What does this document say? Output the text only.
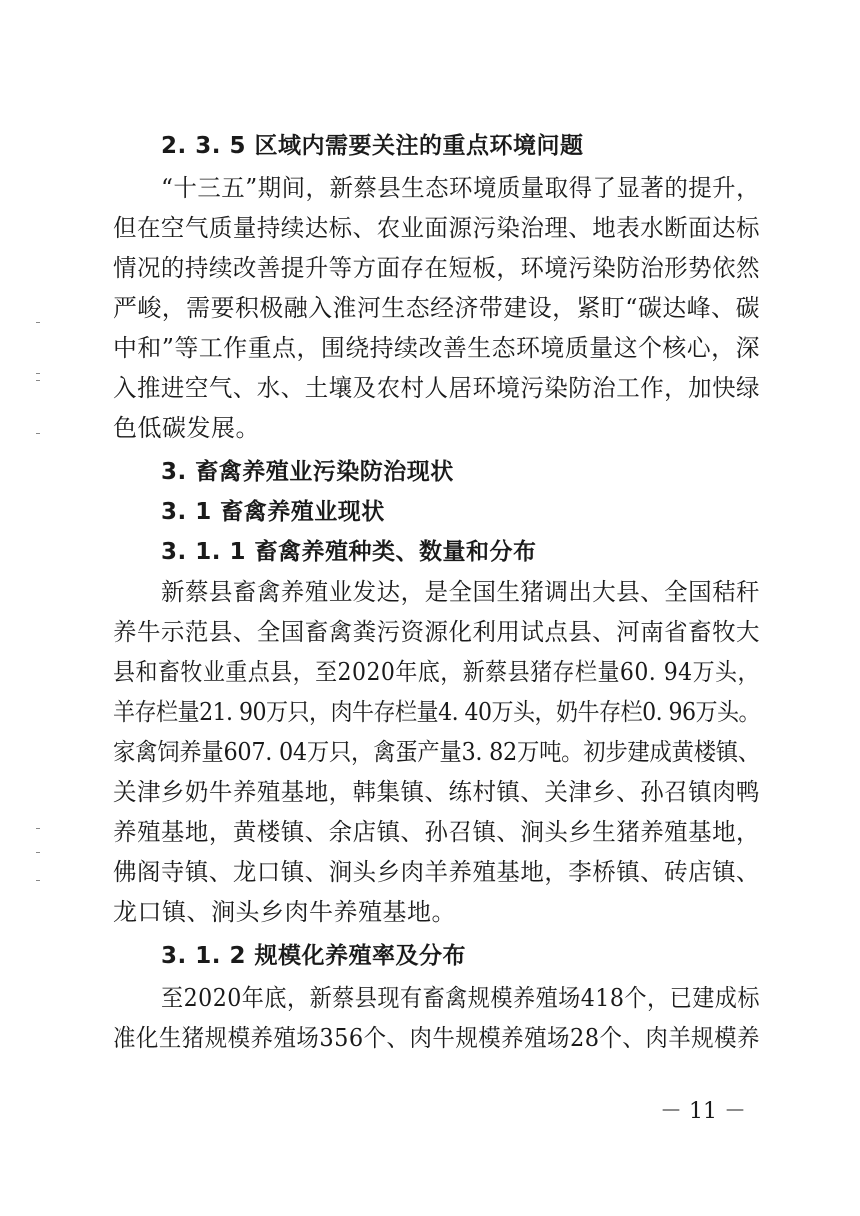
2. 3. 5 区域内需要关注的重点环境问题
“十三五”期间，新蔡县生态环境质量取得了显著的提升，
但在空气质量持续达标、农业面源污染治理、地表水断面达标
情况的持续改善提升等方面存在短板，环境污染防治形势依然
严峻，需要积极融入淮河生态经济带建设，紧盯“碳达峰、碳
中和”等工作重点，围绕持续改善生态环境质量这个核心，深
入推进空气、水、土壤及农村人居环境污染防治工作，加快绿
色低碳发展。
3. 畜禽养殖业污染防治现状
3. 1 畜禽养殖业现状
3. 1. 1 畜禽养殖种类、数量和分布
新蔡县畜禽养殖业发达，是全国生猪调出大县、全国秸秆
养牛示范县、全国畜禽粪污资源化利用试点县、河南省畜牧大
县和畜牧业重点县，至2020年底，新蔡县猪存栏量60. 94万头，
羊存栏量21. 90万只，肉牛存栏量4. 40万头，奶牛存栏0. 96万头。
家禽饲养量607. 04万只，禽蛋产量3. 82万吨。初步建成黄楼镇、
关津乡奶牛养殖基地，韩集镇、练村镇、关津乡、孙召镇肉鸭
养殖基地，黄楼镇、余店镇、孙召镇、涧头乡生猪养殖基地，
佛阁寺镇、龙口镇、涧头乡肉羊养殖基地，李桥镇、砖店镇、
龙口镇、涧头乡肉牛养殖基地。
3. 1. 2 规模化养殖率及分布
至2020年底，新蔡县现有畜禽规模养殖场418个，已建成标
准化生猪规模养殖场356个、肉牛规模养殖场28个、肉羊规模养
－ 11 －
